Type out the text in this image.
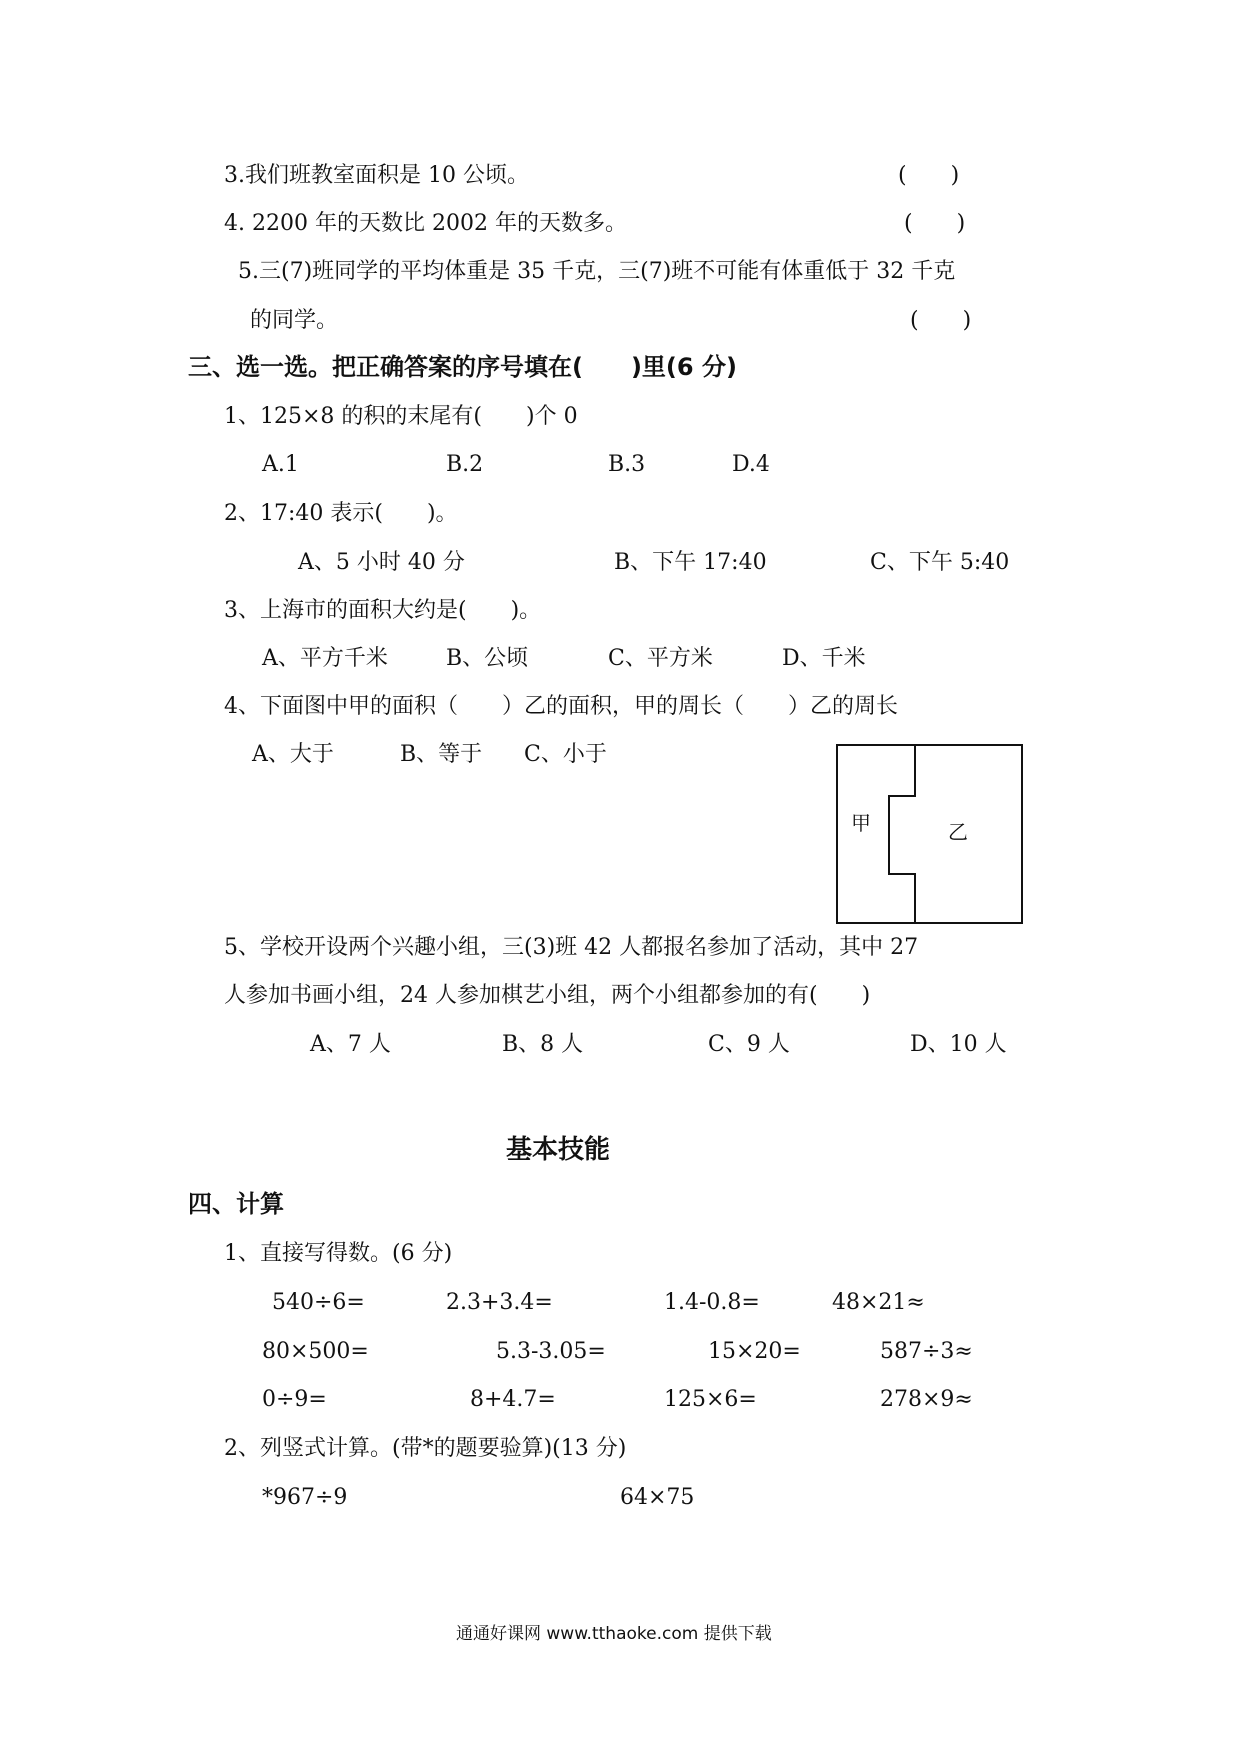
3.我们班教室面积是 10 公顷。	(　　)
4. 2200 年的天数比 2002 年的天数多。	(　　)
5.三(7)班同学的平均体重是 35 千克，三(7)班不可能有体重低于 32 千克
的同学。	(　　)
三、选一选。把正确答案的序号填在(　　)里(6 分)
1、125×8 的积的末尾有(　　)个 0
A.1	B.2	B.3	D.4
2、17:40 表示(　　)。
A、5 小时 40 分	B、下午 17:40	C、下午 5:40
3、上海市的面积大约是(　　)。
A、平方千米	B、公顷	C、平方米	D、千米
4、下面图中甲的面积（　　）乙的面积，甲的周长（　　）乙的周长
A、大于	B、等于 C、小于
甲	乙
5、学校开设两个兴趣小组，三(3)班 42 人都报名参加了活动，其中 27
人参加书画小组，24 人参加棋艺小组，两个小组都参加的有(　　)
A、7 人	B、8 人	C、9 人	D、10 人
基本技能
四、计算
1、直接写得数。(6 分)
540÷6=	2.3+3.4=	1.4-0.8=	48×21≈
80×500=	5.3-3.05=	15×20=	587÷3≈
0÷9=	8+4.7=	125×6=	278×9≈
2、列竖式计算。(带*的题要验算)(13 分)
*967÷9	64×75
通通好课网 www.tthaoke.com 提供下载
